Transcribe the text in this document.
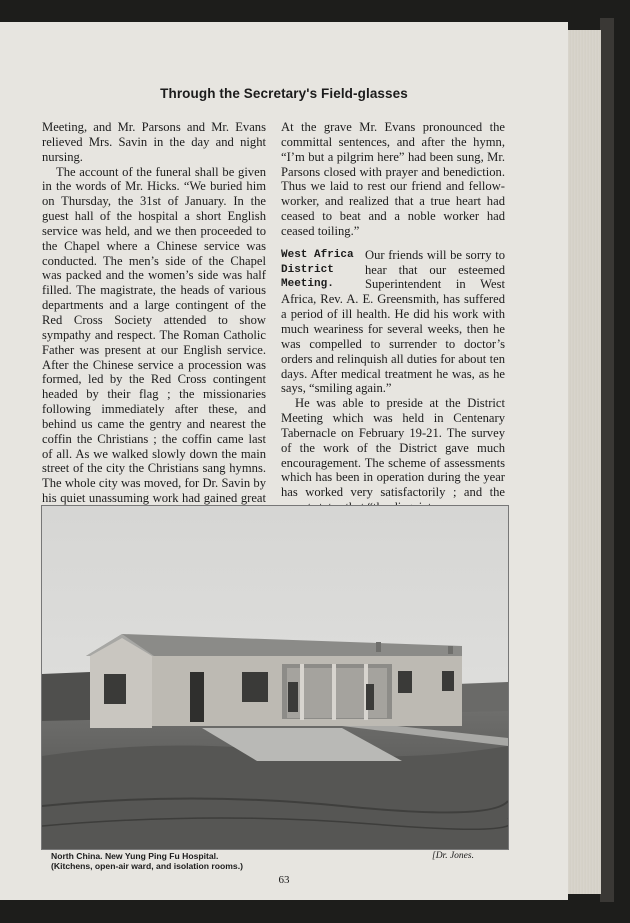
Through the Secretary's Field-glasses

Meeting, and Mr. Parsons and Mr. Evans relieved Mrs. Savin in the day and night nursing.

The account of the funeral shall be given in the words of Mr. Hicks. “We buried him on Thursday, the 31st of January. In the guest hall of the hospital a short English service was held, and we then proceeded to the Chapel where a Chinese service was conducted. The men’s side of the Chapel was packed and the women’s side was half filled. The magistrate, the heads of various departments and a large contingent of the Red Cross Society attended to show sympathy and respect. The Roman Catholic Father was present at our English service. After the Chinese service a procession was formed, led by the Red Cross contingent headed by their flag ; the missionaries following immediately after these, and behind us came the gentry and nearest the coffin the Christians ; the coffin came last of all. As we walked slowly down the main street of the city the Christians sang hymns. The whole city was moved, for Dr. Savin by his quiet unassuming work had gained great

At the grave Mr. Evans pronounced the committal sentences, and after the hymn, “I’m but a pilgrim here” had been sung, Mr. Parsons closed with prayer and benediction. Thus we laid to rest our friend and fellow-worker, and realized that a true heart had ceased to beat and a noble worker had ceased toiling.”

West Africa
District
Meeting.
Our friends will be sorry to hear that our esteemed Superintendent in West Africa, Rev. A. E. Greensmith, has suffered a period of ill health. He did his work with much weariness for several weeks, then he was compelled to surrender to doctor’s orders and relinquish all duties for about ten days. After medical treatment he was, as he says, “smiling again.”

He was able to preside at the District Meeting which was held in Centenary Tabernacle on February 19-21. The survey of the work of the District gave much encouragement. The scheme of assessments which has been in operation during the year has worked very satisfactorily ; and the

North China. New Yung Ping Fu Hospital.
(Kitchens, open-air ward, and isolation rooms.)
[Dr. Jones.
63
